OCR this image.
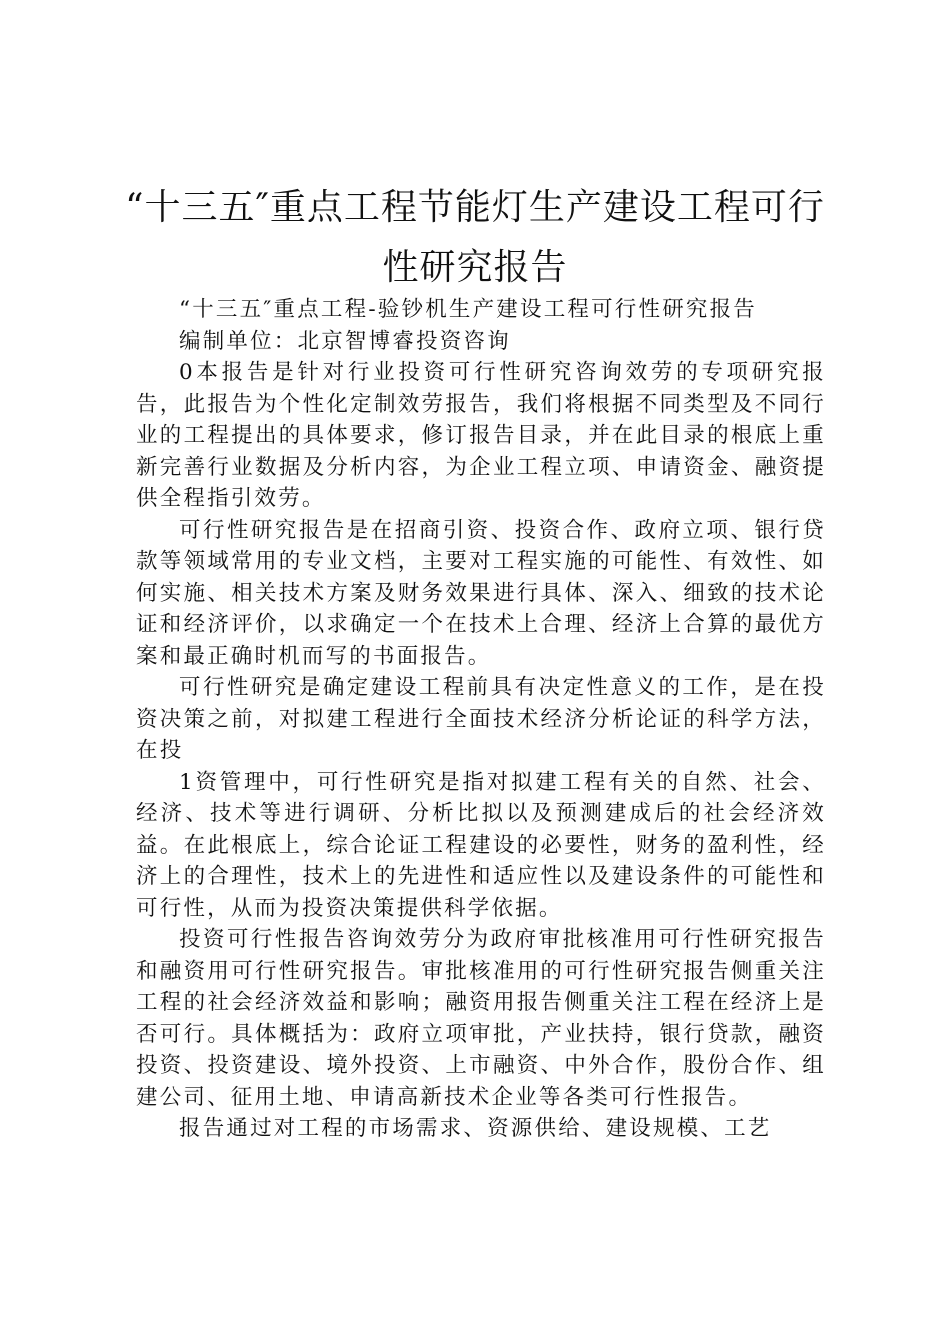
“十三五″重点工程节能灯生产建设工程可行性研究报告

“十三五″重点工程-验钞机生产建设工程可行性研究报告

编制单位：北京智博睿投资咨询

0本报告是针对行业投资可行性研究咨询效劳的专项研究报告，此报告为个性化定制效劳报告，我们将根据不同类型及不同行业的工程提出的具体要求，修订报告目录，并在此目录的根底上重新完善行业数据及分析内容，为企业工程立项、申请资金、融资提供全程指引效劳。

可行性研究报告是在招商引资、投资合作、政府立项、银行贷款等领域常用的专业文档，主要对工程实施的可能性、有效性、如何实施、相关技术方案及财务效果进行具体、深入、细致的技术论证和经济评价，以求确定一个在技术上合理、经济上合算的最优方案和最正确时机而写的书面报告。

可行性研究是确定建设工程前具有决定性意义的工作，是在投资决策之前，对拟建工程进行全面技术经济分析论证的科学方法，在投

1资管理中，可行性研究是指对拟建工程有关的自然、社会、经济、技术等进行调研、分析比拟以及预测建成后的社会经济效益。在此根底上，综合论证工程建设的必要性，财务的盈利性，经济上的合理性，技术上的先进性和适应性以及建设条件的可能性和可行性，从而为投资决策提供科学依据。

投资可行性报告咨询效劳分为政府审批核准用可行性研究报告和融资用可行性研究报告。审批核准用的可行性研究报告侧重关注工程的社会经济效益和影响；融资用报告侧重关注工程在经济上是否可行。具体概括为：政府立项审批，产业扶持，银行贷款，融资投资、投资建设、境外投资、上市融资、中外合作，股份合作、组建公司、征用土地、申请高新技术企业等各类可行性报告。

报告通过对工程的市场需求、资源供给、建设规模、工艺
